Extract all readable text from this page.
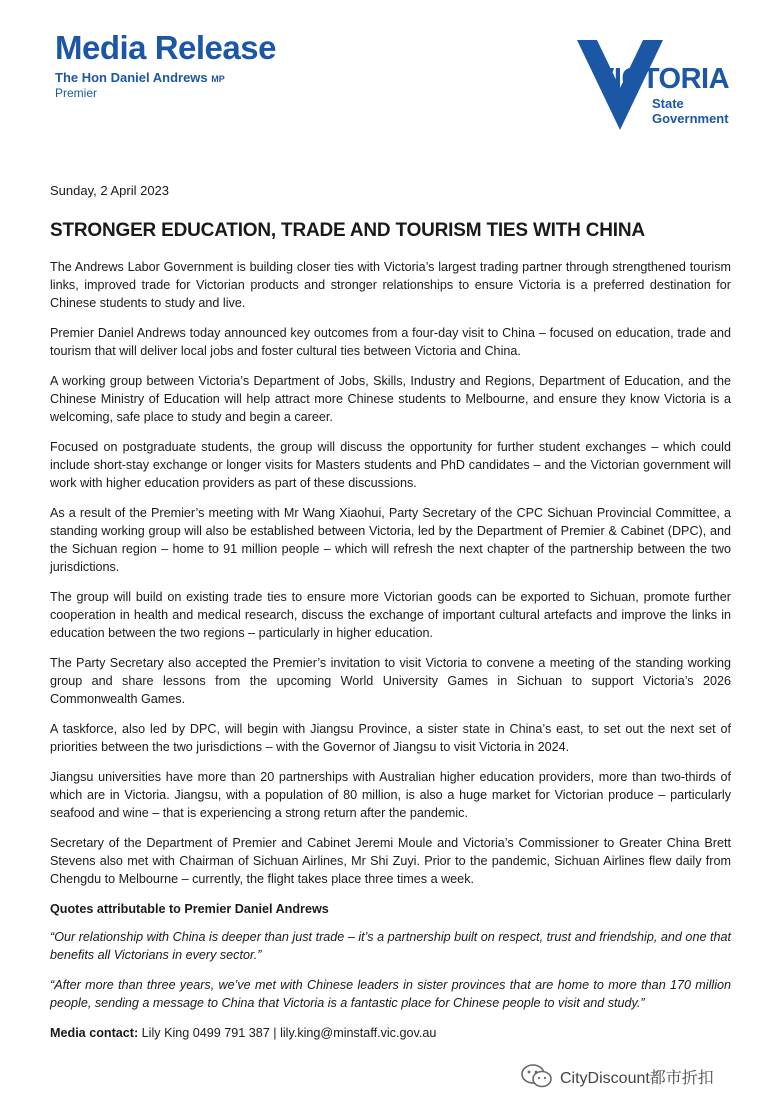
Media Release
The Hon Daniel Andrews MP
Premier	VICTORIA
State
Government
Sunday, 2 April 2023
STRONGER EDUCATION, TRADE AND TOURISM TIES WITH CHINA

The Andrews Labor Government is building closer ties with Victoria’s largest trading partner through strengthened tourism links, improved trade for Victorian products and stronger relationships to ensure Victoria is a preferred destination for Chinese students to study and live.

Premier Daniel Andrews today announced key outcomes from a four-day visit to China – focused on education, trade and tourism that will deliver local jobs and foster cultural ties between Victoria and China.

A working group between Victoria’s Department of Jobs, Skills, Industry and Regions, Department of Education, and the Chinese Ministry of Education will help attract more Chinese students to Melbourne, and ensure they know Victoria is a welcoming, safe place to study and begin a career.

Focused on postgraduate students, the group will discuss the opportunity for further student exchanges – which could include short-stay exchange or longer visits for Masters students and PhD candidates – and the Victorian government will work with higher education providers as part of these discussions.

As a result of the Premier’s meeting with Mr Wang Xiaohui, Party Secretary of the CPC Sichuan Provincial Committee, a standing working group will also be established between Victoria, led by the Department of Premier & Cabinet (DPC), and the Sichuan region – home to 91 million people – which will refresh the next chapter of the partnership between the two jurisdictions.

The group will build on existing trade ties to ensure more Victorian goods can be exported to Sichuan, promote further cooperation in health and medical research, discuss the exchange of important cultural artefacts and improve the links in education between the two regions – particularly in higher education.

The Party Secretary also accepted the Premier’s invitation to visit Victoria to convene a meeting of the standing working group and share lessons from the upcoming World University Games in Sichuan to support Victoria’s 2026 Commonwealth Games.

A taskforce, also led by DPC, will begin with Jiangsu Province, a sister state in China’s east, to set out the next set of priorities between the two jurisdictions – with the Governor of Jiangsu to visit Victoria in 2024.

Jiangsu universities have more than 20 partnerships with Australian higher education providers, more than two-thirds of which are in Victoria. Jiangsu, with a population of 80 million, is also a huge market for Victorian produce – particularly seafood and wine – that is experiencing a strong return after the pandemic.

Secretary of the Department of Premier and Cabinet Jeremi Moule and Victoria’s Commissioner to Greater China Brett Stevens also met with Chairman of Sichuan Airlines, Mr Shi Zuyi. Prior to the pandemic, Sichuan Airlines flew daily from Chengdu to Melbourne – currently, the flight takes place three times a week.

Quotes attributable to Premier Daniel Andrews

“Our relationship with China is deeper than just trade – it’s a partnership built on respect, trust and friendship, and one that benefits all Victorians in every sector.”

“After more than three years, we’ve met with Chinese leaders in sister provinces that are home to more than 170 million people, sending a message to China that Victoria is a fantastic place for Chinese people to visit and study.”

Media contact: Lily King 0499 791 387 | lily.king@minstaff.vic.gov.au
CityDiscount都市折扣
